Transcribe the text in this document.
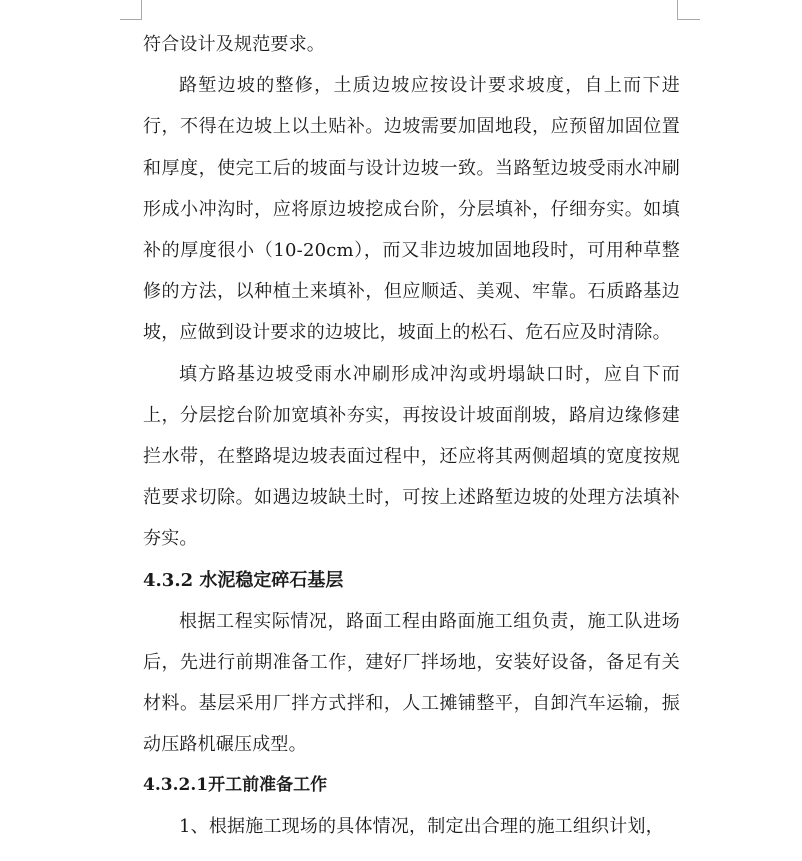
符合设计及规范要求。

路堑边坡的整修，土质边坡应按设计要求坡度，自上而下进行，不得在边坡上以土贴补。边坡需要加固地段，应预留加固位置和厚度，使完工后的坡面与设计边坡一致。当路堑边坡受雨水冲刷形成小冲沟时，应将原边坡挖成台阶，分层填补，仔细夯实。如填补的厚度很小（10-20cm），而又非边坡加固地段时，可用种草整修的方法，以种植土来填补，但应顺适、美观、牢靠。石质路基边坡，应做到设计要求的边坡比，坡面上的松石、危石应及时清除。

填方路基边坡受雨水冲刷形成冲沟或坍塌缺口时，应自下而上，分层挖台阶加宽填补夯实，再按设计坡面削坡，路肩边缘修建拦水带，在整路堤边坡表面过程中，还应将其两侧超填的宽度按规范要求切除。如遇边坡缺土时，可按上述路堑边坡的处理方法填补夯实。

4.3.2 水泥稳定碎石基层

根据工程实际情况，路面工程由路面施工组负责，施工队进场后，先进行前期准备工作，建好厂拌场地，安装好设备，备足有关材料。基层采用厂拌方式拌和，人工摊铺整平，自卸汽车运输，振动压路机碾压成型。

4.3.2.1开工前准备工作

1、根据施工现场的具体情况，制定出合理的施工组织计划，
